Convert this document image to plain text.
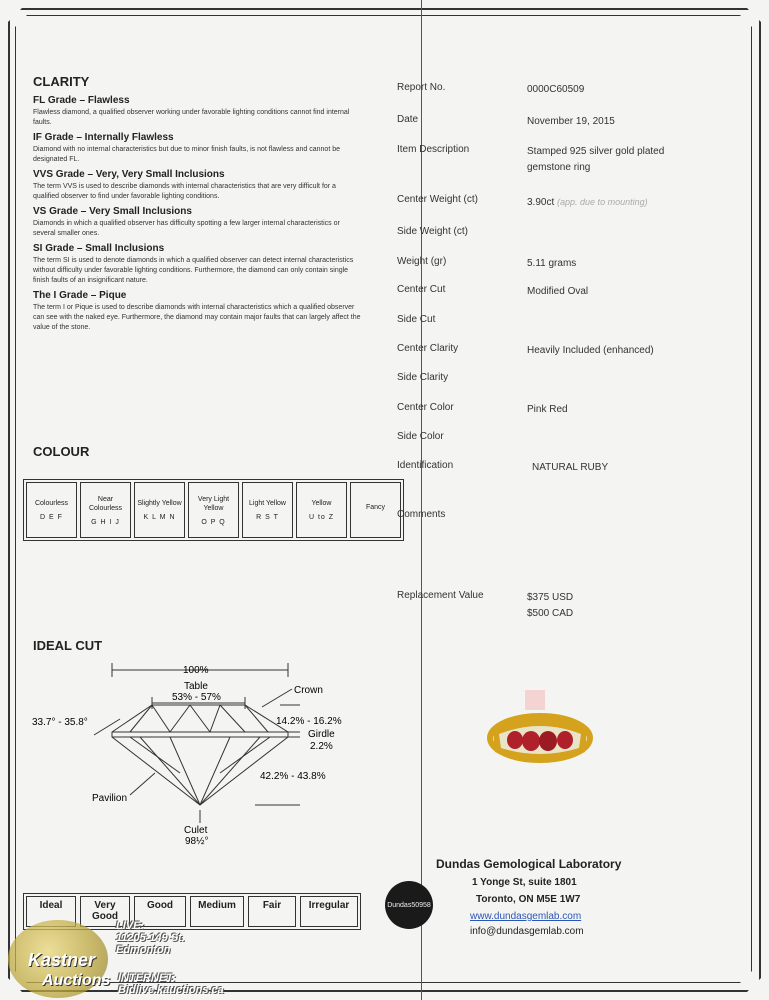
CLARITY
FL Grade – Flawless
Flawless diamond, a qualified observer working under favorable lighting conditions cannot find internal faults.
IF Grade – Internally Flawless
Diamond with no internal characteristics but due to minor finish faults, is not flawless and cannot be designated FL.
VVS Grade – Very, Very Small Inclusions
The term VVS is used to describe diamonds with internal characteristics that are very difficult for a qualified observer to find under favorable lighting conditions.
VS Grade – Very Small Inclusions
Diamonds in which a qualified observer has difficulty spotting a few larger internal characteristics or several smaller ones.
SI Grade – Small Inclusions
The term SI is used to denote diamonds in which a qualified observer can detect internal characteristics without difficulty under favorable lighting conditions. Furthermore, the diamond can only contain single finish faults of an insignificant nature.
The I Grade – Pique
The term I or Pique is used to describe diamonds with internal characteristics which a qualified observer can see with the naked eye. Furthermore, the diamond may contain major faults that can largely affect the value of the stone.
COLOUR
Colourless
D E F
Near Colourless
G H I J
Slightly Yellow
K L M N
Very Light Yellow
O P Q
Light Yellow
R S T
Yellow
U to Z
Fancy
IDEAL CUT
100%
Table
53% - 57%
Crown
33.7° - 35.8°	14.2% - 16.2%
Girdle
2.2%
42.2% - 43.8%
Pavilion
Culet
98½°
Ideal	Very Good
Good	Medium	Fair	Irregular
Report No.	0000C60509
Date	November 19, 2015
Item Description	Stamped 925 silver gold plated
gemstone ring
Center Weight (ct)	3.90ct (app. due to mounting)
Side Weight (ct)
Weight (gr)	5.11 grams
Center Cut	Modified Oval
Side Cut
Center Clarity	Heavily Included (enhanced)
Side Clarity
Center Color	Pink Red
Side Color
Identification	NATURAL RUBY
Comments
Replacement Value	$375 USD
$500 CAD
Dundas 50958
Dundas Gemological Laboratory
1 Yonge St, suite 1801
Toronto, ON M5E 1W7
www.dundasgemlab.com
info@dundasgemlab.com
Kastner
Auctions
LIVE:
11205-149 St.
Edmonton
INTERNET:
Bidlive.kauctions.ca
